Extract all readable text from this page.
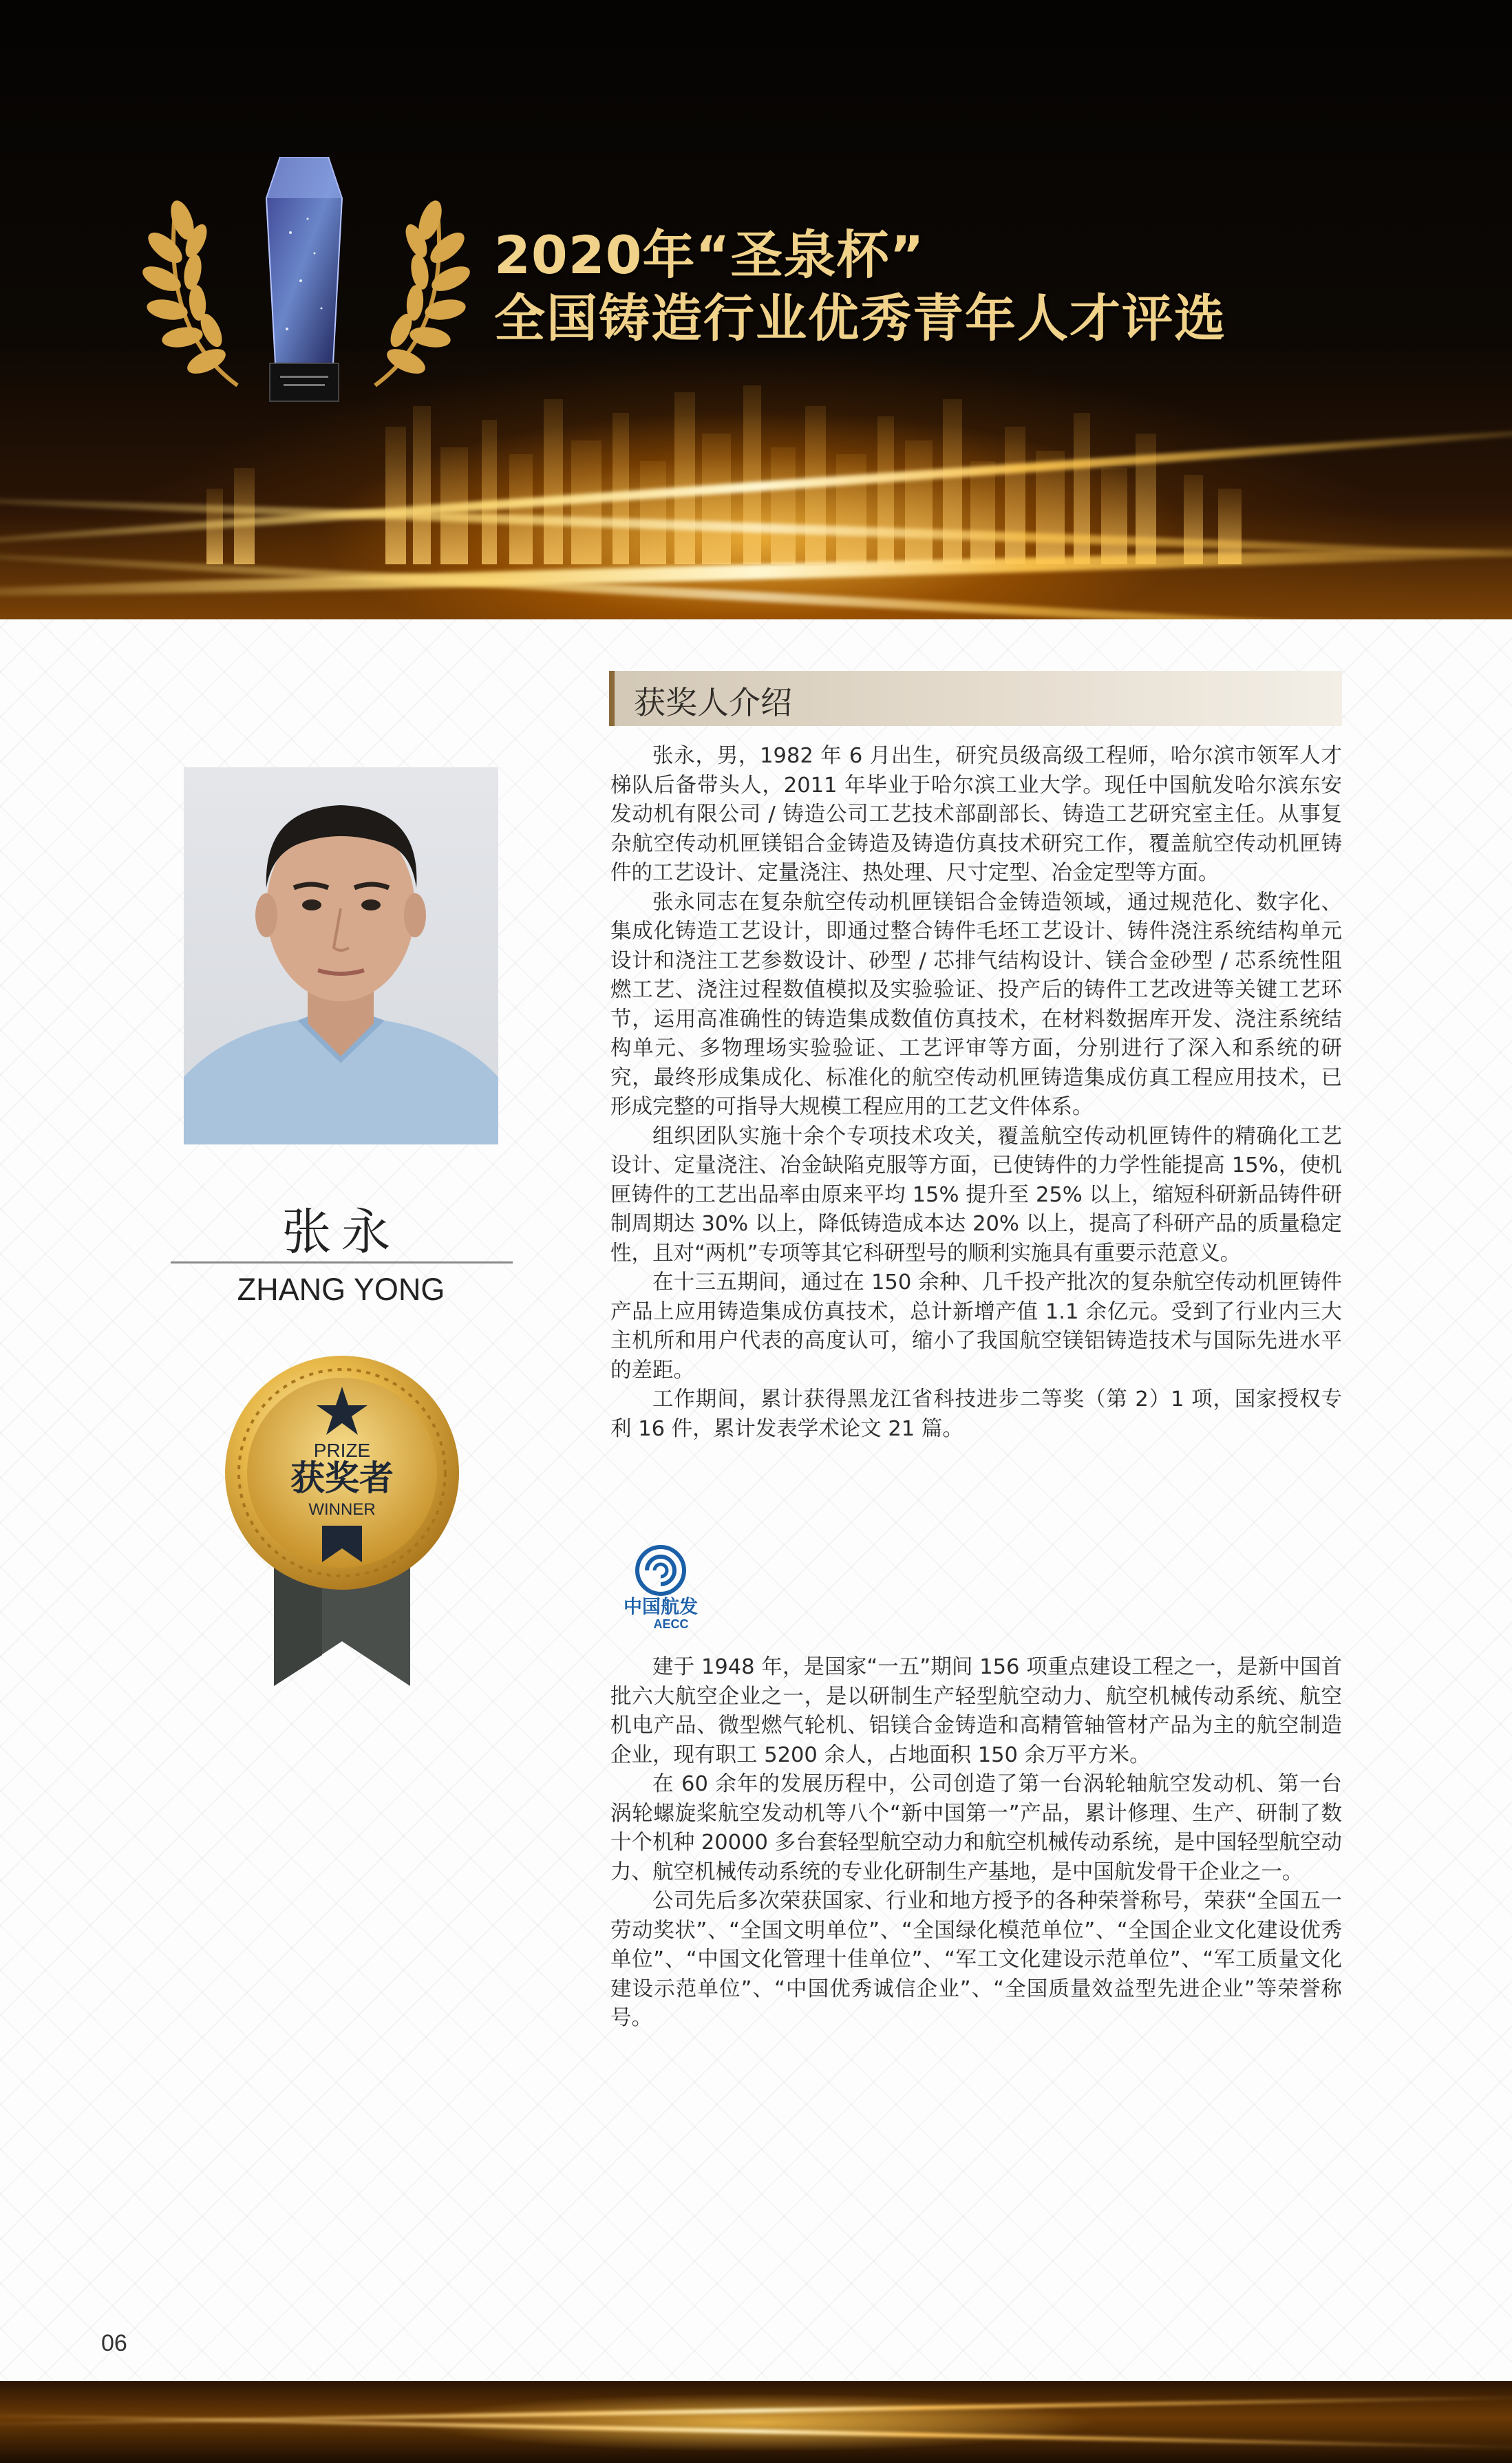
2020年“圣泉杯”
全国铸造行业优秀青年人才评选
张永
ZHANG YONG
PRIZE
获奖者
WINNER
获奖人介绍

张永，男，1982 年 6 月出生，研究员级高级工程师，哈尔滨市领军人才梯队后备带头人，2011 年毕业于哈尔滨工业大学。现任中国航发哈尔滨东安发动机有限公司 / 铸造公司工艺技术部副部长、铸造工艺研究室主任。从事复杂航空传动机匣镁铝合金铸造及铸造仿真技术研究工作，覆盖航空传动机匣铸件的工艺设计、定量浇注、热处理、尺寸定型、冶金定型等方面。

张永同志在复杂航空传动机匣镁铝合金铸造领域，通过规范化、数字化、集成化铸造工艺设计，即通过整合铸件毛坯工艺设计、铸件浇注系统结构单元设计和浇注工艺参数设计、砂型 / 芯排气结构设计、镁合金砂型 / 芯系统性阻燃工艺、浇注过程数值模拟及实验验证、投产后的铸件工艺改进等关键工艺环节，运用高准确性的铸造集成数值仿真技术，在材料数据库开发、浇注系统结构单元、多物理场实验验证、工艺评审等方面，分别进行了深入和系统的研究，最终形成集成化、标准化的航空传动机匣铸造集成仿真工程应用技术，已形成完整的可指导大规模工程应用的工艺文件体系。

组织团队实施十余个专项技术攻关，覆盖航空传动机匣铸件的精确化工艺设计、定量浇注、冶金缺陷克服等方面，已使铸件的力学性能提高 15%，使机匣铸件的工艺出品率由原来平均 15% 提升至 25% 以上，缩短科研新品铸件研制周期达 30% 以上，降低铸造成本达 20% 以上，提高了科研产品的质量稳定性，且对“两机”专项等其它科研型号的顺利实施具有重要示范意义。

在十三五期间，通过在 150 余种、几千投产批次的复杂航空传动机匣铸件产品上应用铸造集成仿真技术，总计新增产值 1.1 余亿元。受到了行业内三大主机所和用户代表的高度认可，缩小了我国航空镁铝铸造技术与国际先进水平的差距。

工作期间，累计获得黑龙江省科技进步二等奖（第 2）1 项，国家授权专利 16 件，累计发表学术论文 21 篇。

中国航发
AECC

建于 1948 年，是国家“一五”期间 156 项重点建设工程之一，是新中国首批六大航空企业之一，是以研制生产轻型航空动力、航空机械传动系统、航空机电产品、微型燃气轮机、铝镁合金铸造和高精管轴管材产品为主的航空制造企业，现有职工 5200 余人，占地面积 150 余万平方米。

在 60 余年的发展历程中，公司创造了第一台涡轮轴航空发动机、第一台涡轮螺旋桨航空发动机等八个“新中国第一”产品，累计修理、生产、研制了数十个机种 20000 多台套轻型航空动力和航空机械传动系统，是中国轻型航空动力、航空机械传动系统的专业化研制生产基地，是中国航发骨干企业之一。

公司先后多次荣获国家、行业和地方授予的各种荣誉称号，荣获“全国五一劳动奖状”、“全国文明单位”、“全国绿化模范单位”、“全国企业文化建设优秀单位”、“中国文化管理十佳单位”、“军工文化建设示范单位”、“军工质量文化建设示范单位”、“中国优秀诚信企业”、“全国质量效益型先进企业”等荣誉称号。

06
